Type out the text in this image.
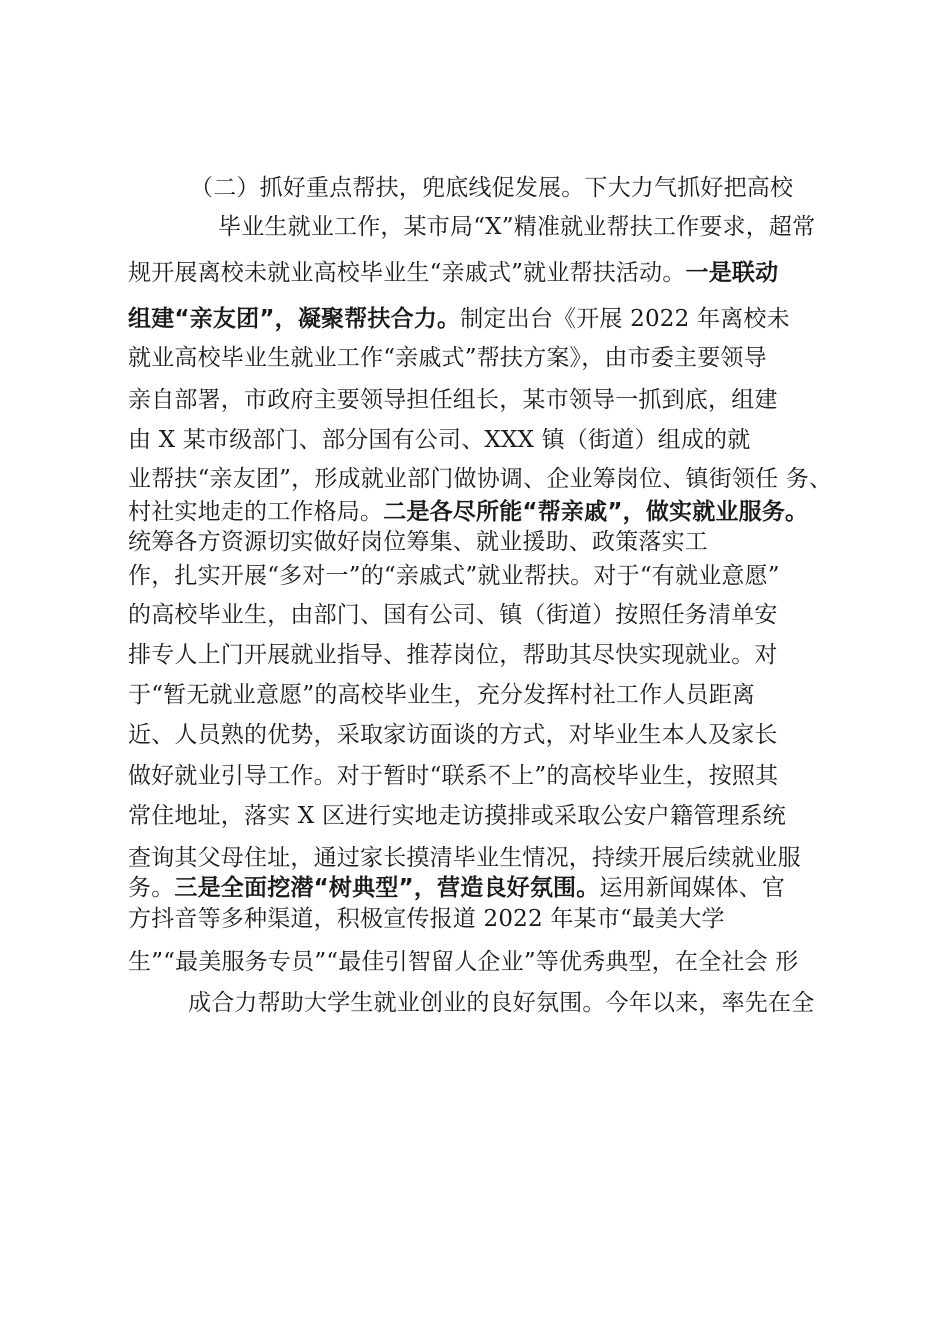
（二）抓好重点帮扶，兜底线促发展。下大力气抓好把高校
毕业生就业工作，某市局“X”精准就业帮扶工作要求，超常
规开展离校未就业高校毕业生“亲戚式”就业帮扶活动。一是联动
组建“亲友团”，凝聚帮扶合力。制定出台《开展 2022 年离校未
就业高校毕业生就业工作“亲戚式”帮扶方案》，由市委主要领导
亲自部署，市政府主要领导担任组长，某市领导一抓到底，组建
由 X 某市级部门、部分国有公司、XXX 镇（街道）组成的就
业帮扶“亲友团”，形成就业部门做协调、企业筹岗位、镇街领任 务、
村社实地走的工作格局。二是各尽所能“帮亲戚”，做实就业服务。
统筹各方资源切实做好岗位筹集、就业援助、政策落实工
作，扎实开展“多对一”的“亲戚式”就业帮扶。对于“有就业意愿”
的高校毕业生，由部门、国有公司、镇（街道）按照任务清单安
排专人上门开展就业指导、推荐岗位，帮助其尽快实现就业。对
于“暂无就业意愿”的高校毕业生，充分发挥村社工作人员距离
近、人员熟的优势，采取家访面谈的方式，对毕业生本人及家长
做好就业引导工作。对于暂时“联系不上”的高校毕业生，按照其
常住地址，落实 X 区进行实地走访摸排或采取公安户籍管理系统
查询其父母住址，通过家长摸清毕业生情况，持续开展后续就业服
务。三是全面挖潜“树典型”，营造良好氛围。运用新闻媒体、官
方抖音等多种渠道，积极宣传报道 2022 年某市“最美大学
生”“最美服务专员”“最佳引智留人企业”等优秀典型，在全社会 形
成合力帮助大学生就业创业的良好氛围。今年以来，率先在全
